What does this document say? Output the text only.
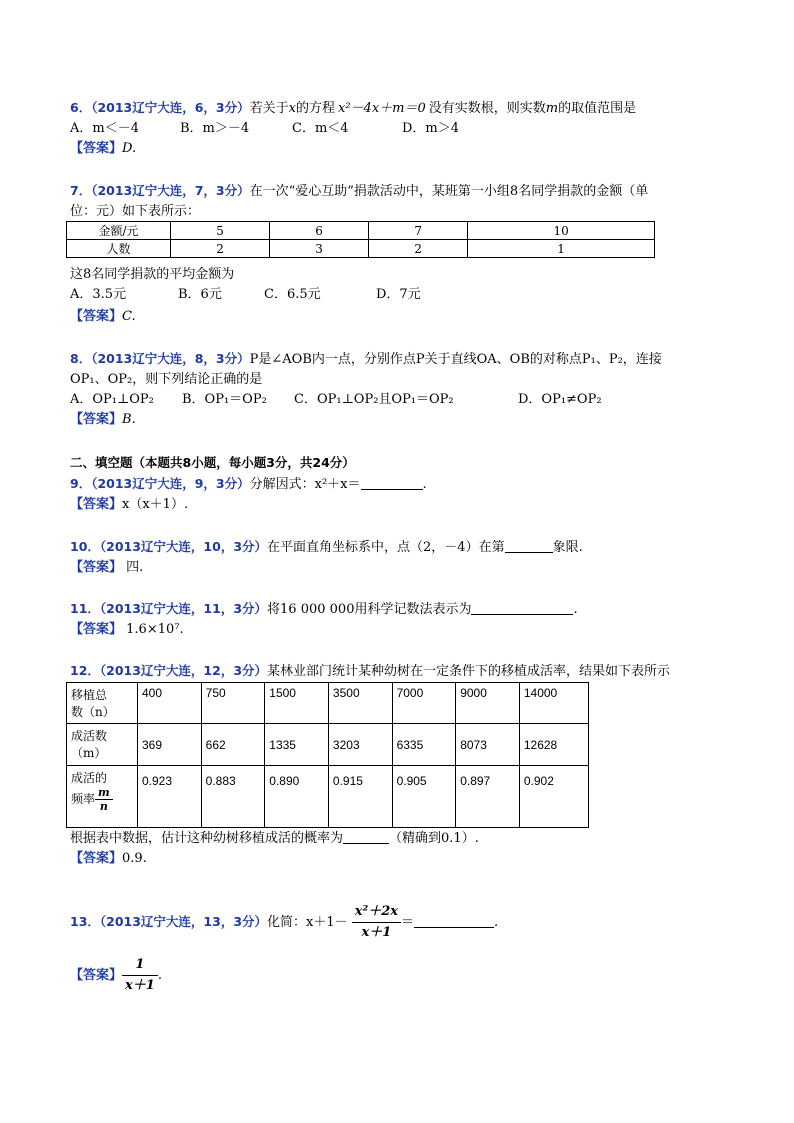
6．（2013辽宁大连，6，3分）若关于x的方程 x²－4x＋m＝0 没有实数根，则实数m的取值范围是
A．m＜－4	B．m＞－4	C．m＜4	D．m＞4
【答案】D.
7．（2013辽宁大连，7，3分）在一次“爱心互助”捐款活动中，某班第一小组8名同学捐款的金额（单
位：元）如下表所示：
金额/元	5	6	7	10
人数	2	3	2	1
这8名同学捐款的平均金额为
A．3.5元	B．6元	C．6.5元	D．7元
【答案】C.
8．（2013辽宁大连，8，3分）P是∠AOB内一点，分别作点P关于直线OA、OB的对称点P₁、P₂，连接
OP₁、OP₂，则下列结论正确的是
A．OP₁⊥OP₂ B．OP₁＝OP₂ C．OP₁⊥OP₂且OP₁＝OP₂	D．OP₁≠OP₂
【答案】B.
二、填空题（本题共8小题，每小题3分，共24分）
9．（2013辽宁大连，9，3分）分解因式：x²＋x＝	.
【答案】x（x＋1）.
10．（2013辽宁大连，10，3分）在平面直角坐标系中，点（2，－4）在第	象限.
【答案】 四.
11．（2013辽宁大连，11，3分）将16 000 000用科学记数法表示为	.
【答案】 1.6×10⁷.
12．（2013辽宁大连，12，3分）某林业部门统计某种幼树在一定条件下的移植成活率，结果如下表所示
移植总
数（n）	400	750	1500	3500	7000	9000	14000

成活数
（m）	369	662	1335	3203	6335	8073	12628

成活的
频率 $\frac{m}{n}$	0.923	0.883	0.890	0.915	0.905	0.897	0.902
根据表中数据，估计这种幼树移植成活的概率为	（精确到0.1）.
【答案】0.9.
13．（2013辽宁大连，13，3分）化简：$x+1- \frac{\text{x²＋2x}}{x+1}$ ＝	.
【答案】 $\frac{1}{x+1}$ .
